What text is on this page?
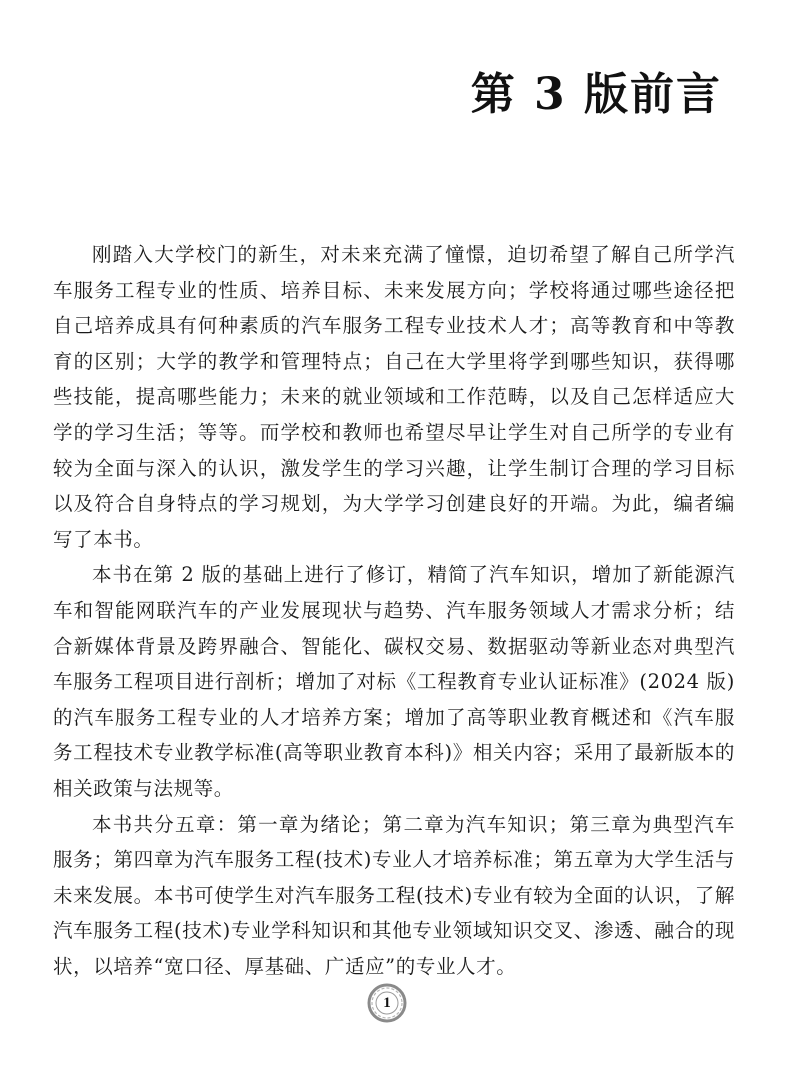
第 3 版前言

刚踏入大学校门的新生，对未来充满了憧憬，迫切希望了解自己所学汽车服务工程专业的性质、培养目标、未来发展方向；学校将通过哪些途径把自己培养成具有何种素质的汽车服务工程专业技术人才；高等教育和中等教育的区别；大学的教学和管理特点；自己在大学里将学到哪些知识，获得哪些技能，提高哪些能力；未来的就业领域和工作范畴，以及自己怎样适应大学的学习生活；等等。而学校和教师也希望尽早让学生对自己所学的专业有较为全面与深入的认识，激发学生的学习兴趣，让学生制订合理的学习目标以及符合自身特点的学习规划，为大学学习创建良好的开端。为此，编者编写了本书。

本书在第 2 版的基础上进行了修订，精简了汽车知识，增加了新能源汽车和智能网联汽车的产业发展现状与趋势、汽车服务领域人才需求分析；结合新媒体背景及跨界融合、智能化、碳权交易、数据驱动等新业态对典型汽车服务工程项目进行剖析；增加了对标《工程教育专业认证标准》(2024 版)的汽车服务工程专业的人才培养方案；增加了高等职业教育概述和《汽车服务工程技术专业教学标准(高等职业教育本科)》相关内容；采用了最新版本的相关政策与法规等。

本书共分五章：第一章为绪论；第二章为汽车知识；第三章为典型汽车服务；第四章为汽车服务工程(技术)专业人才培养标准；第五章为大学生活与未来发展。本书可使学生对汽车服务工程(技术)专业有较为全面的认识，了解汽车服务工程(技术)专业学科知识和其他专业领域知识交叉、渗透、融合的现状，以培养“宽口径、厚基础、广适应”的专业人才。

1
